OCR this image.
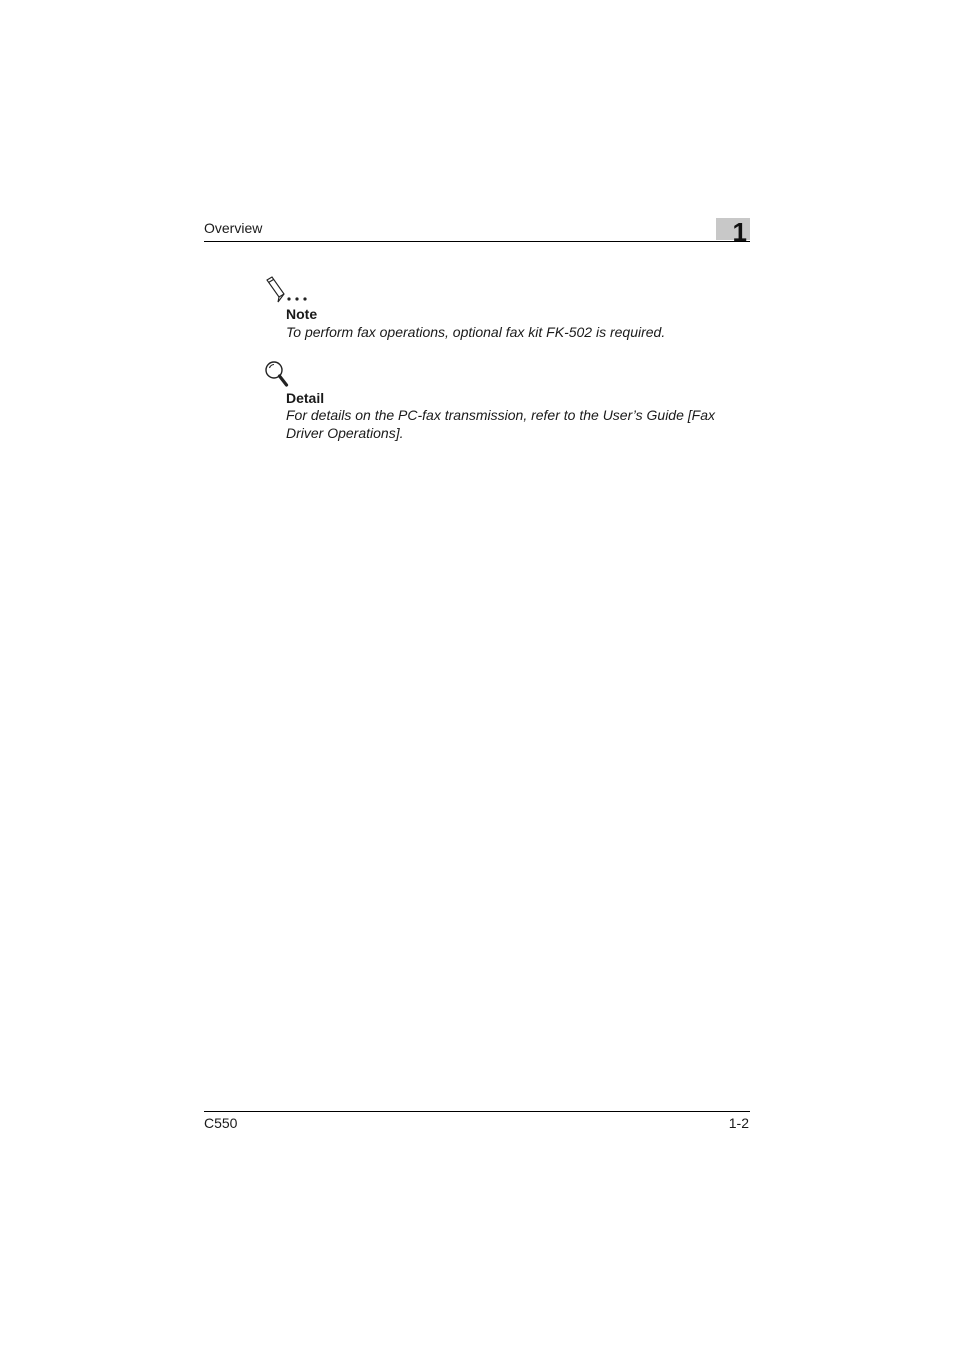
Overview	1
Note
To perform fax operations, optional fax kit FK-502 is required.
Detail
For details on the PC-fax transmission, refer to the User’s Guide [Fax Driver Operations].
C550	1-2
